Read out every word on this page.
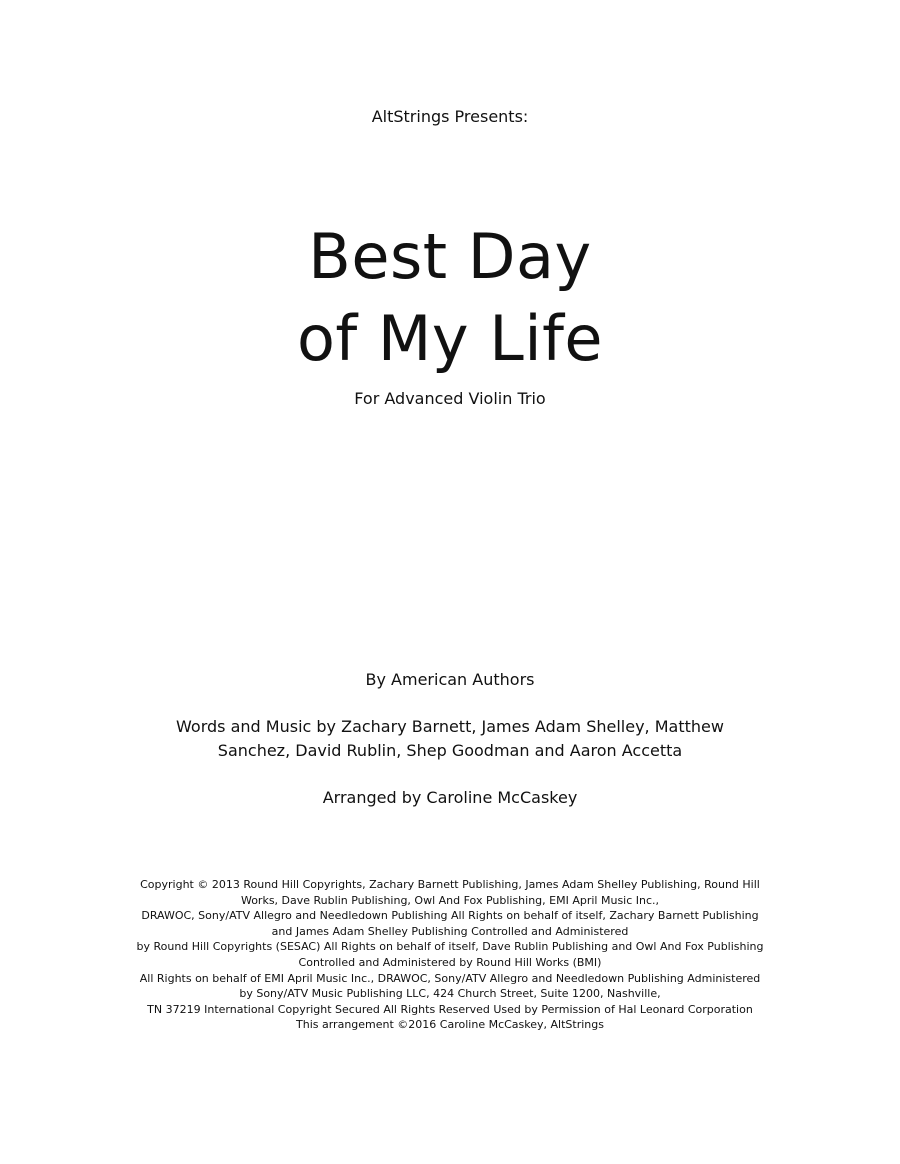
AltStrings Presents:
Best Day
of My Life
For Advanced Violin Trio
By American Authors
Words and Music by Zachary Barnett, James Adam Shelley, Matthew
Sanchez, David Rublin, Shep Goodman and Aaron Accetta
Arranged by Caroline McCaskey
Copyright © 2013 Round Hill Copyrights, Zachary Barnett Publishing, James Adam Shelley Publishing, Round Hill
Works, Dave Rublin Publishing, Owl And Fox Publishing, EMI April Music Inc.,
DRAWOC, Sony/ATV Allegro and Needledown Publishing All Rights on behalf of itself, Zachary Barnett Publishing
and James Adam Shelley Publishing Controlled and Administered
by Round Hill Copyrights (SESAC) All Rights on behalf of itself, Dave Rublin Publishing and Owl And Fox Publishing
Controlled and Administered by Round Hill Works (BMI)
All Rights on behalf of EMI April Music Inc., DRAWOC, Sony/ATV Allegro and Needledown Publishing Administered
by Sony/ATV Music Publishing LLC, 424 Church Street, Suite 1200, Nashville,
TN 37219 International Copyright Secured All Rights Reserved Used by Permission of Hal Leonard Corporation
This arrangement ©2016 Caroline McCaskey, AltStrings
